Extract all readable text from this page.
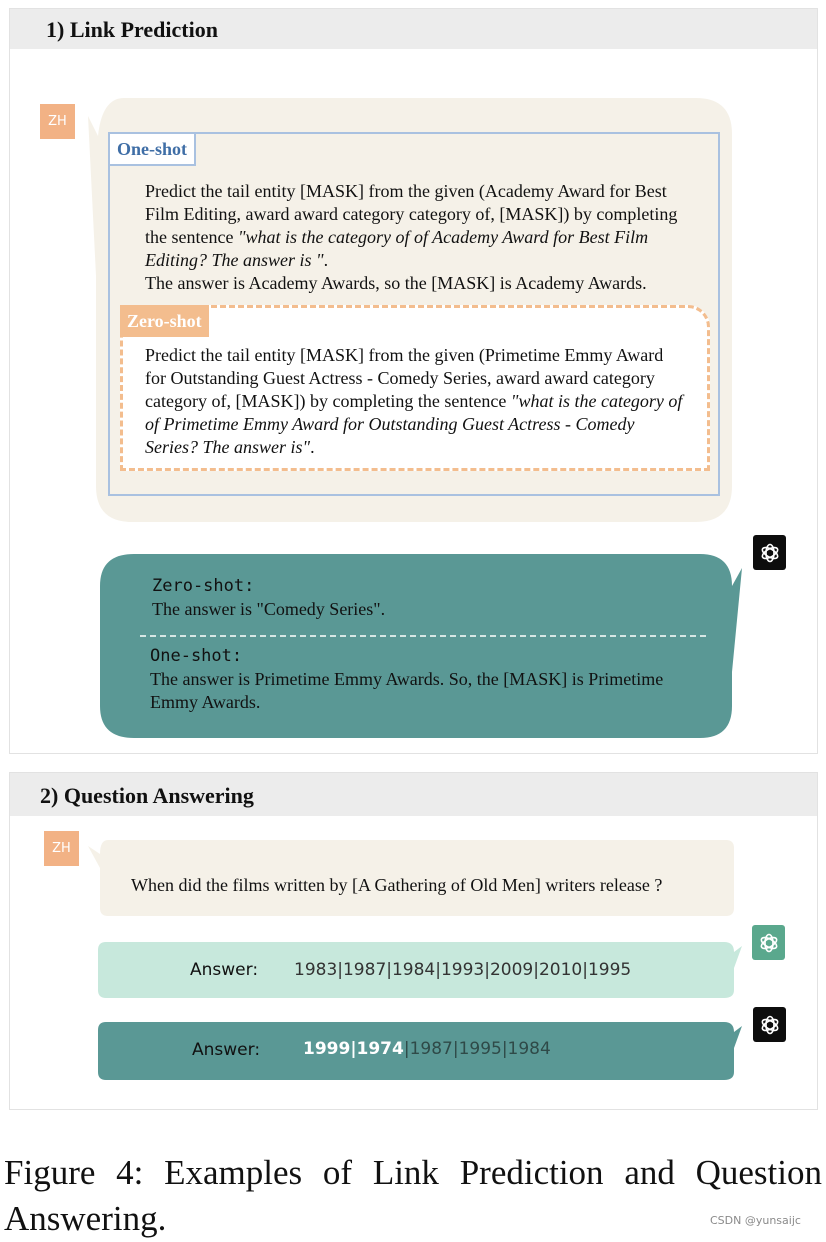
1) Link Prediction
ZH
One-shot
Predict the tail entity [MASK] from the given (Academy Award for Best Film Editing, award award category category of, [MASK]) by completing the sentence "what is the category of of Academy Award for Best Film Editing? The answer is ".
The answer is Academy Awards, so the [MASK] is Academy Awards.
Zero-shot
Predict the tail entity [MASK] from the given (Primetime Emmy Award for Outstanding Guest Actress - Comedy Series, award award category category of, [MASK]) by completing the sentence "what is the category of of Primetime Emmy Award for Outstanding Guest Actress - Comedy Series? The answer is".
Zero-shot:
The answer is "Comedy Series".
One-shot:
The answer is Primetime Emmy Awards. So, the [MASK] is Primetime Emmy Awards.
2) Question Answering
ZH
When did the films written by [A Gathering of Old Men] writers release ?
Answer: 1983|1987|1984|1993|2009|2010|1995
Answer:	1999|1974|1987|1995|1984
Figure 4: Examples of Link Prediction and Question Answering.	CSDN @yunsaijc
